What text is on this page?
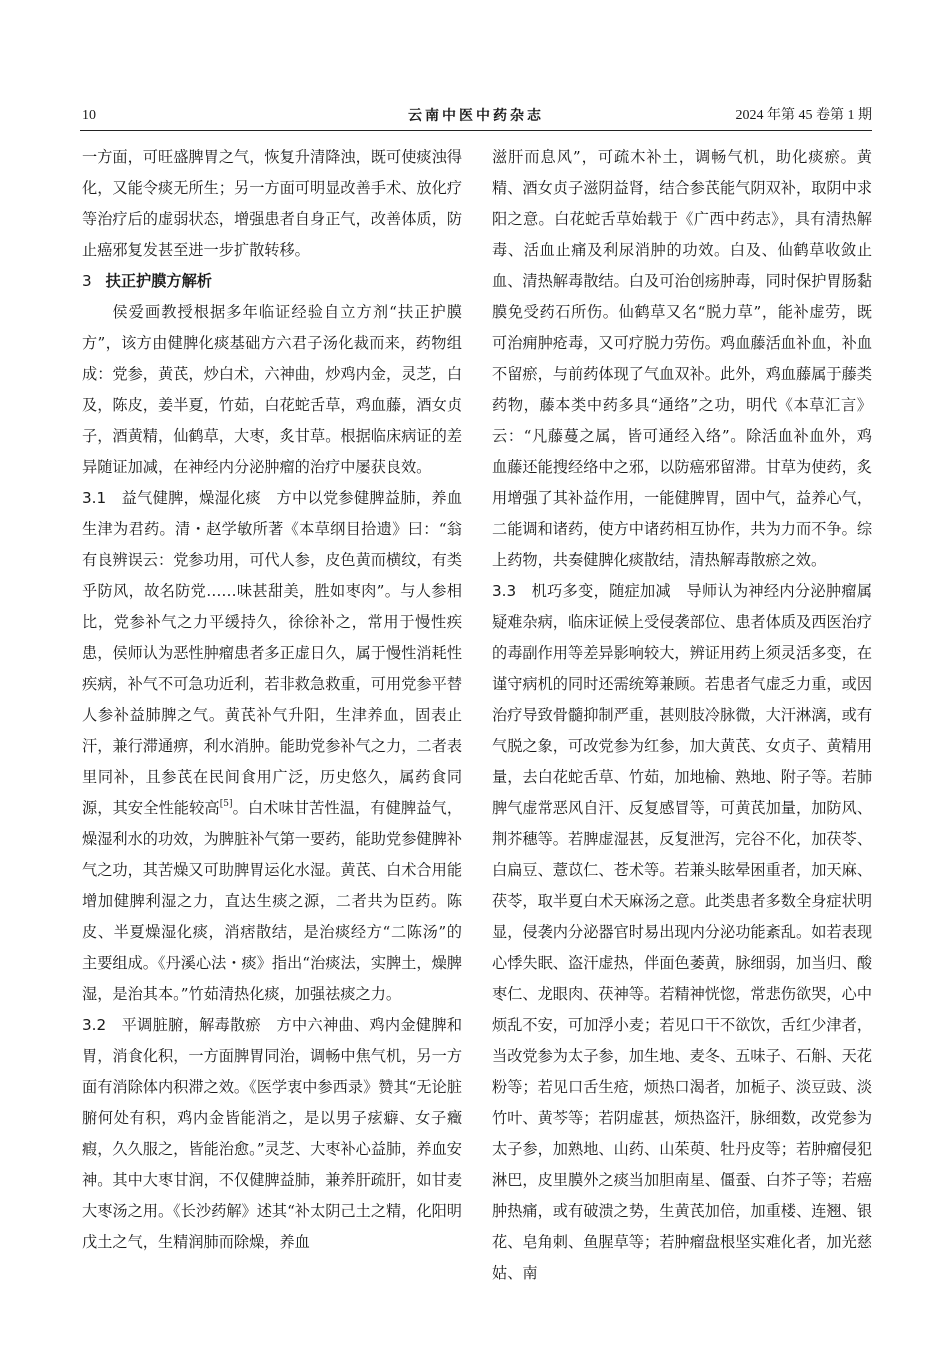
10	云南中医中药杂志	2024 年第 45 卷第 1 期

一方面，可旺盛脾胃之气，恢复升清降浊，既可使痰浊得化，又能令痰无所生；另一方面可明显改善手术、放化疗等治疗后的虚弱状态，增强患者自身正气，改善体质，防止癌邪复发甚至进一步扩散转移。

3 扶正护膜方解析

侯爱画教授根据多年临证经验自立方剂“扶正护膜方”，该方由健脾化痰基础方六君子汤化裁而来，药物组成：党参，黄芪，炒白术，六神曲，炒鸡内金，灵芝，白及，陈皮，姜半夏，竹茹，白花蛇舌草，鸡血藤，酒女贞子，酒黄精，仙鹤草，大枣，炙甘草。根据临床病证的差异随证加减，在神经内分泌肿瘤的治疗中屡获良效。

3.1  益气健脾，燥湿化痰  方中以党参健脾益肺，养血生津为君药。清・赵学敏所著《本草纲目拾遗》曰：“翁有良辨误云：党参功用，可代人参，皮色黄而横纹，有类乎防风，故名防党……味甚甜美，胜如枣肉”。与人参相比，党参补气之力平缓持久，徐徐补之，常用于慢性疾患，侯师认为恶性肿瘤患者多正虚日久，属于慢性消耗性疾病，补气不可急功近利，若非救急救重，可用党参平替人参补益肺脾之气。黄芪补气升阳，生津养血，固表止汗，兼行滞通痹，利水消肿。能助党参补气之力，二者表里同补，且参芪在民间食用广泛，历史悠久，属药食同源，其安全性能较高[5]。白术味甘苦性温，有健脾益气，燥湿利水的功效，为脾脏补气第一要药，能助党参健脾补气之功，其苦燥又可助脾胃运化水湿。黄芪、白术合用能增加健脾利湿之力，直达生痰之源，二者共为臣药。陈皮、半夏燥湿化痰，消痞散结，是治痰经方“二陈汤”的主要组成。《丹溪心法・痰》指出“治痰法，实脾土，燥脾湿，是治其本。”竹茹清热化痰，加强祛痰之力。

3.2  平调脏腑，解毒散瘀  方中六神曲、鸡内金健脾和胃，消食化积，一方面脾胃同治，调畅中焦气机，另一方面有消除体内积滞之效。《医学衷中参西录》赞其“无论脏腑何处有积，鸡内金皆能消之，是以男子痃癖、女子癥瘕，久久服之，皆能治愈。”灵芝、大枣补心益肺，养血安神。其中大枣甘润，不仅健脾益肺，兼养肝疏肝，如甘麦大枣汤之用。《长沙药解》述其“补太阴己土之精，化阳明戊土之气，生精润肺而除燥，养血

滋肝而息风”，可疏木补土，调畅气机，助化痰瘀。黄精、酒女贞子滋阴益肾，结合参芪能气阴双补，取阴中求阳之意。白花蛇舌草始载于《广西中药志》，具有清热解毒、活血止痛及利尿消肿的功效。白及、仙鹤草收敛止血、清热解毒散结。白及可治创疡肿毒，同时保护胃肠黏膜免受药石所伤。仙鹤草又名“脱力草”，能补虚劳，既可治痈肿疮毒，又可疗脱力劳伤。鸡血藤活血补血，补血不留瘀，与前药体现了气血双补。此外，鸡血藤属于藤类药物，藤本类中药多具“通络”之功，明代《本草汇言》云：“凡藤蔓之属，皆可通经入络”。除活血补血外，鸡血藤还能搜经络中之邪，以防癌邪留滞。甘草为使药，炙用增强了其补益作用，一能健脾胃，固中气，益养心气，二能调和诸药，使方中诸药相互协作，共为力而不争。综上药物，共奏健脾化痰散结，清热解毒散瘀之效。

3.3  机巧多变，随症加减  导师认为神经内分泌肿瘤属疑难杂病，临床证候上受侵袭部位、患者体质及西医治疗的毒副作用等差异影响较大，辨证用药上须灵活多变，在谨守病机的同时还需统筹兼顾。若患者气虚乏力重，或因治疗导致骨髓抑制严重，甚则肢冷脉微，大汗淋漓，或有气脱之象，可改党参为红参，加大黄芪、女贞子、黄精用量，去白花蛇舌草、竹茹，加地榆、熟地、附子等。若肺脾气虚常恶风自汗、反复感冒等，可黄芪加量，加防风、荆芥穗等。若脾虚湿甚，反复泄泻，完谷不化，加茯苓、白扁豆、薏苡仁、苍术等。若兼头眩晕困重者，加天麻、茯苓，取半夏白术天麻汤之意。此类患者多数全身症状明显，侵袭内分泌器官时易出现内分泌功能紊乱。如若表现心悸失眠、盗汗虚热，伴面色萎黄，脉细弱，加当归、酸枣仁、龙眼肉、茯神等。若精神恍惚，常悲伤欲哭，心中烦乱不安，可加浮小麦；若见口干不欲饮，舌红少津者，当改党参为太子参，加生地、麦冬、五味子、石斛、天花粉等；若见口舌生疮，烦热口渴者，加栀子、淡豆豉、淡竹叶、黄芩等；若阴虚甚，烦热盗汗，脉细数，改党参为太子参，加熟地、山药、山茱萸、牡丹皮等；若肿瘤侵犯淋巴，皮里膜外之痰当加胆南星、僵蚕、白芥子等；若癌肿热痛，或有破溃之势，生黄芪加倍，加重楼、连翘、银花、皂角刺、鱼腥草等；若肿瘤盘根坚实难化者，加光慈姑、南
